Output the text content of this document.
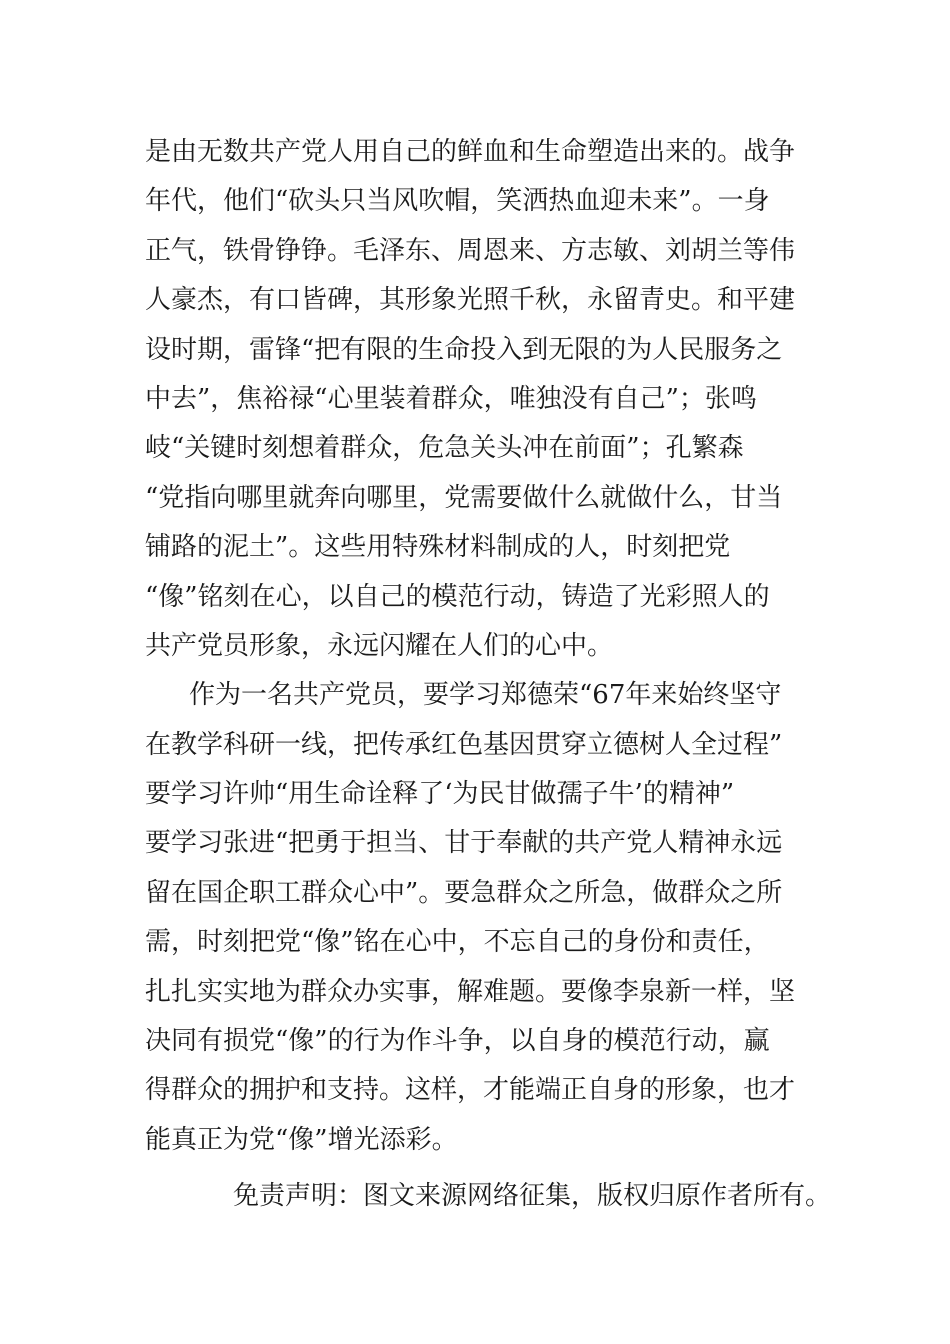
是由无数共产党人用自己的鲜血和生命塑造出来的。战争
年代，他们“砍头只当风吹帽，笑洒热血迎未来”。一身
正气，铁骨铮铮。毛泽东、周恩来、方志敏、刘胡兰等伟
人豪杰，有口皆碑，其形象光照千秋，永留青史。和平建
设时期，雷锋“把有限的生命投入到无限的为人民服务之
中去”，焦裕禄“心里装着群众，唯独没有自己”；张鸣
岐“关键时刻想着群众，危急关头冲在前面”；孔繁森
“党指向哪里就奔向哪里，党需要做什么就做什么，甘当
铺路的泥土”。这些用特殊材料制成的人，时刻把党
“像”铭刻在心，以自己的模范行动，铸造了光彩照人的
共产党员形象，永远闪耀在人们的心中。
作为一名共产党员，要学习郑德荣“67年来始终坚守
在教学科研一线，把传承红色基因贯穿立德树人全过程”
要学习许帅“用生命诠释了‘为民甘做孺子牛’的精神”
要学习张进“把勇于担当、甘于奉献的共产党人精神永远
留在国企职工群众心中”。要急群众之所急，做群众之所
需，时刻把党“像”铭在心中，不忘自己的身份和责任，
扎扎实实地为群众办实事，解难题。要像李泉新一样，坚
决同有损党“像”的行为作斗争，以自身的模范行动，赢
得群众的拥护和支持。这样，才能端正自身的形象，也才
能真正为党“像”增光添彩。
免责声明：图文来源网络征集，版权归原作者所有。
